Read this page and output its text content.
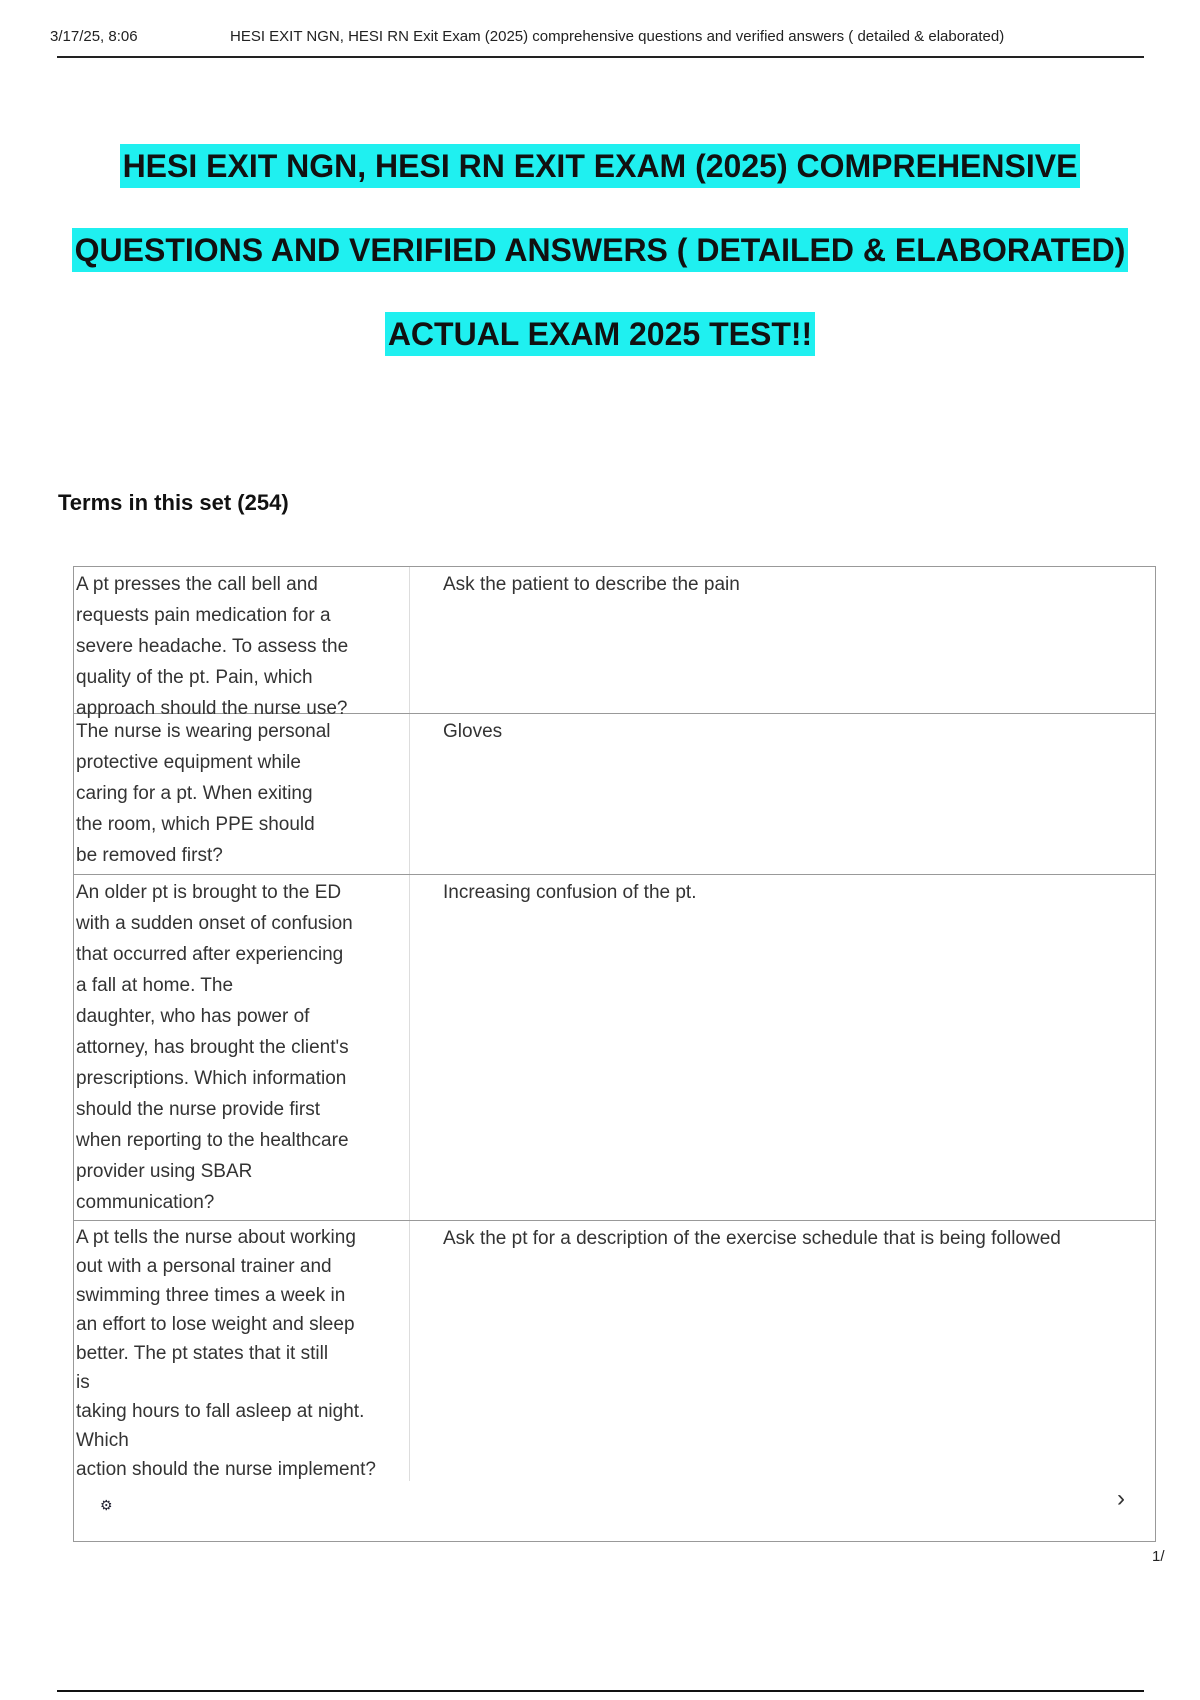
3/17/25, 8:06	HESI EXIT NGN, HESI RN Exit Exam (2025) comprehensive questions and verified answers ( detailed & elaborated)
HESI EXIT NGN, HESI RN EXIT EXAM (2025) COMPREHENSIVE
QUESTIONS AND VERIFIED ANSWERS ( DETAILED & ELABORATED)
ACTUAL EXAM 2025 TEST!!
Terms in this set (254)
A pt presses the call bell and
requests pain medication for a
severe headache. To assess the
quality of the pt. Pain, which
approach should the nurse use?
Ask the patient to describe the pain
The nurse is wearing personal
protective equipment while
caring for a pt. When exiting
the room, which PPE should
be removed first?
Gloves
An older pt is brought to the ED
with a sudden onset of confusion
that occurred after experiencing
a fall at home. The
daughter, who has power of
attorney, has brought the client's
prescriptions. Which information
should the nurse provide first
when reporting to the healthcare
provider using SBAR
communication?
Increasing confusion of the pt.
A pt tells the nurse about working
out with a personal trainer and
swimming three times a week in
an effort to lose weight and sleep
better. The pt states that it still
is
taking hours to fall asleep at night.
Which
action should the nurse implement?
Ask the pt for a description of the exercise schedule that is being followed
⚙	›
1/
